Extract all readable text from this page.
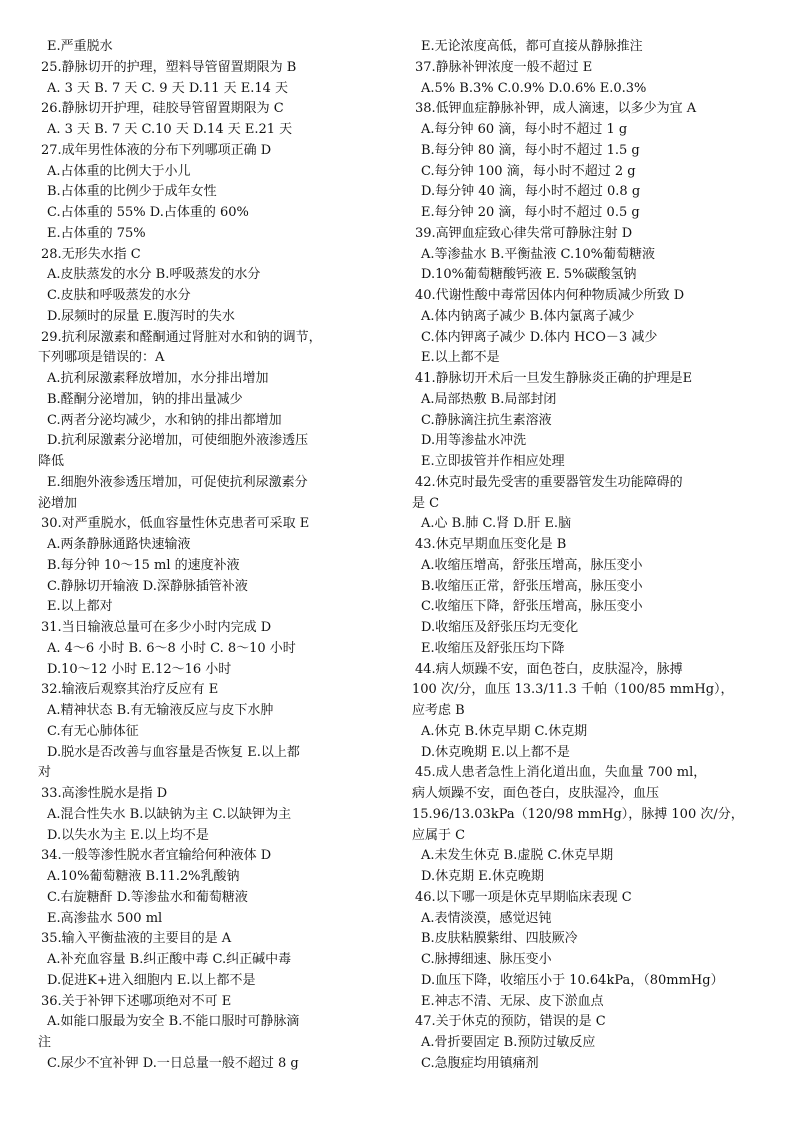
E.严重脱水
25.静脉切开的护理，塑料导管留置期限为 B
A. 3 天 B. 7 天 C. 9 天 D.11 天 E.14 天
26.静脉切开护理，硅胶导管留置期限为 C
A. 3 天 B. 7 天 C.10 天 D.14 天 E.21 天
27.成年男性体液的分布下列哪项正确 D
A.占体重的比例大于小儿
B.占体重的比例少于成年女性
C.占体重的 55% D.占体重的 60%
E.占体重的 75%
28.无形失水指 C
A.皮肤蒸发的水分 B.呼吸蒸发的水分
C.皮肤和呼吸蒸发的水分
D.尿频时的尿量 E.腹泻时的失水
29.抗利尿激素和醛酮通过肾脏对水和钠的调节，
下列哪项是错误的：A
A.抗利尿激素释放增加，水分排出增加
B.醛酮分泌增加，钠的排出量减少
C.两者分泌均减少，水和钠的排出都增加
D.抗利尿激素分泌增加，可使细胞外液渗透压
降低
E.细胞外液参透压增加，可促使抗利尿激素分
泌增加
30.对严重脱水，低血容量性休克患者可采取 E
A.两条静脉通路快速输液
B.每分钟 10～15 ml 的速度补液
C.静脉切开输液 D.深静脉插管补液
E.以上都对
31.当日输液总量可在多少小时内完成 D
A. 4～6 小时 B. 6～8 小时 C. 8～10 小时
D.10～12 小时 E.12～16 小时
32.输液后观察其治疗反应有 E
A.精神状态 B.有无输液反应与皮下水肿
C.有无心肺体征
D.脱水是否改善与血容量是否恢复 E.以上都
对
33.高渗性脱水是指 D
A.混合性失水 B.以缺钠为主 C.以缺钾为主
D.以失水为主 E.以上均不是
34.一般等渗性脱水者宜输给何种液体 D
A.10%葡萄糖液 B.11.2%乳酸钠
C.右旋糖酐 D.等渗盐水和葡萄糖液
E.高渗盐水 500 ml
35.输入平衡盐液的主要目的是 A
A.补充血容量 B.纠正酸中毒 C.纠正碱中毒
D.促进K+进入细胞内 E.以上都不是
36.关于补钾下述哪项绝对不可 E
A.如能口服最为安全 B.不能口服时可静脉滴
注
C.尿少不宜补钾 D.一日总量一般不超过 8 g
E.无论浓度高低，都可直接从静脉推注
37.静脉补钾浓度一般不超过 E
A.5% B.3% C.0.9% D.0.6% E.0.3%
38.低钾血症静脉补钾，成人滴速，以多少为宜 A
A.每分钟 60 滴，每小时不超过 1 g
B.每分钟 80 滴，每小时不超过 1.5 g
C.每分钟 100 滴，每小时不超过 2 g
D.每分钟 40 滴，每小时不超过 0.8 g
E.每分钟 20 滴，每小时不超过 0.5 g
39.高钾血症致心律失常可静脉注射 D
A.等渗盐水 B.平衡盐液 C.10%葡萄糖液
D.10%葡萄糖酸钙液 E. 5%碳酸氢钠
40.代谢性酸中毒常因体内何种物质减少所致 D
A.体内钠离子减少 B.体内氯离子减少
C.体内钾离子减少 D.体内 HCO－3 减少
E.以上都不是
41.静脉切开术后一旦发生静脉炎正确的护理是E
A.局部热敷 B.局部封闭
C.静脉滴注抗生素溶液
D.用等渗盐水冲洗
E.立即拔管并作相应处理
42.休克时最先受害的重要器管发生功能障碍的
是 C
A.心 B.肺 C.肾 D.肝 E.脑
43.休克早期血压变化是 B
A.收缩压增高，舒张压增高，脉压变小
B.收缩压正常，舒张压增高，脉压变小
C.收缩压下降，舒张压增高，脉压变小
D.收缩压及舒张压均无变化
E.收缩压及舒张压均下降
44.病人烦躁不安，面色苍白，皮肤湿冷，脉搏
100 次/分，血压 13.3/11.3 千帕（100/85 mmHg），
应考虑 B
A.休克 B.休克早期 C.休克期
D.休克晚期 E.以上都不是
45.成人患者急性上消化道出血，失血量 700 ml，
病人烦躁不安，面色苍白，皮肤湿冷，血压
15.96/13.03kPa（120/98 mmHg），脉搏 100 次/分，
应属于 C
A.未发生休克 B.虚脱 C.休克早期
D.休克期 E.休克晚期
46.以下哪一项是休克早期临床表现 C
A.表情淡漠，感觉迟钝
B.皮肤粘膜紫绀、四肢厥冷
C.脉搏细速、脉压变小
D.血压下降，收缩压小于 10.64kPa，（80mmHg）
E.神志不清、无尿、皮下淤血点
47.关于休克的预防，错误的是 C
A.骨折要固定 B.预防过敏反应
C.急腹症均用镇痛剂
